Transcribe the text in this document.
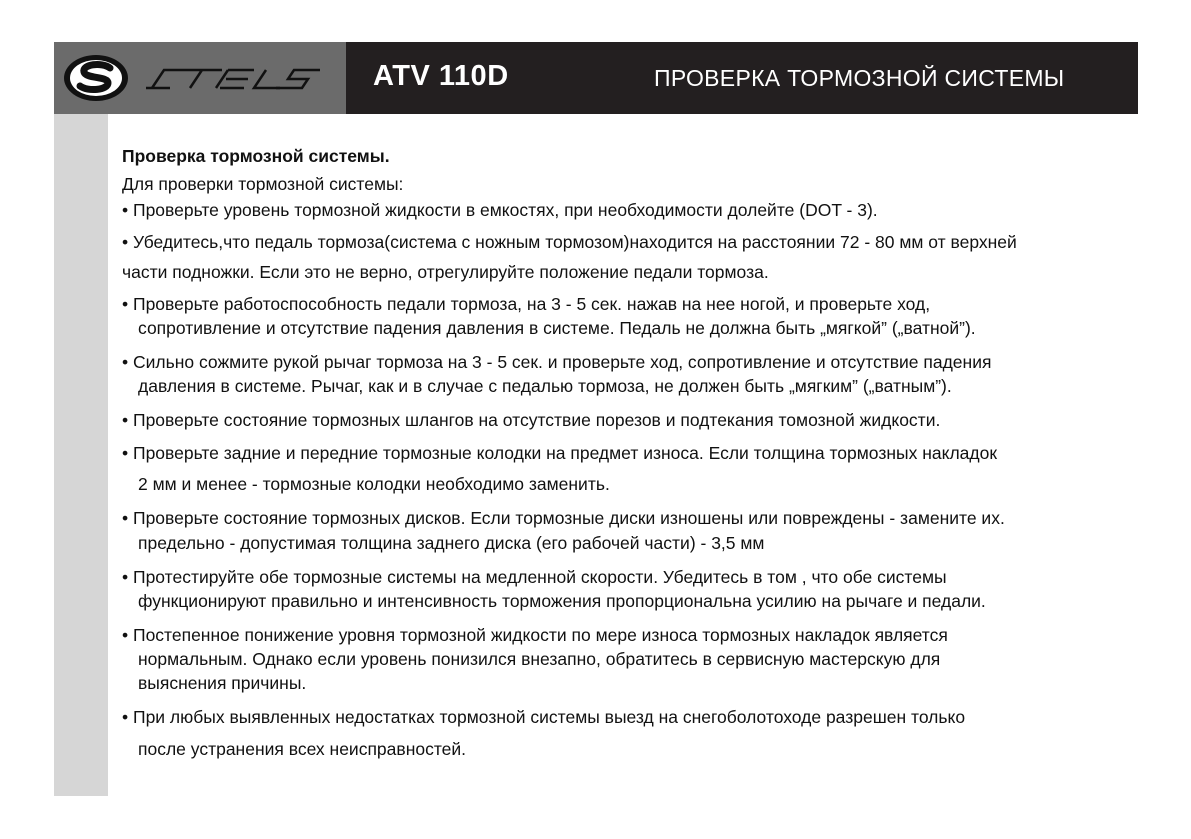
STELS
ATV 110D	ПРОВЕРКА ТОРМОЗНОЙ СИСТЕМЫ
Проверка тормозной системы.
Для проверки тормозной системы:
• Проверьте уровень тормозной жидкости в емкостях, при необходимости долейте (DOT - 3).
• Убедитесь,что педаль тормоза(система с ножным тормозом)находится на расстоянии 72 - 80 мм от верхней
части подножки. Если это не верно, отрегулируйте положение педали тормоза.
• Проверьте работоспособность педали тормоза, на 3 - 5 сек. нажав на нее ногой, и проверьте ход,
сопротивление и отсутствие падения давления в системе. Педаль не должна быть „мягкой” („ватной”).
• Сильно сожмите рукой рычаг тормоза на 3 - 5 сек. и проверьте ход, сопротивление и отсутствие падения
давления в системе. Рычаг, как и в случае с педалью тормоза, не должен быть „мягким” („ватным”).
• Проверьте состояние тормозных шлангов на отсутствие порезов и подтекания томозной жидкости.
• Проверьте задние и передние тормозные колодки на предмет износа. Если толщина тормозных накладок
2 мм и менее - тормозные колодки необходимо заменить.
• Проверьте состояние тормозных дисков. Если тормозные диски изношены или повреждены - замените их.
предельно - допустимая толщина заднего диска (его рабочей части) - 3,5 мм
• Протестируйте обе тормозные системы на медленной скорости. Убедитесь в том , что обе системы
функционируют правильно и интенсивность торможения пропорциональна усилию на рычаге и педали.
• Постепенное понижение уровня тормозной жидкости по мере износа тормозных накладок является
нормальным. Однако если уровень понизился внезапно, обратитесь в сервисную мастерскую для
выяснения причины.
• При любых выявленных недостатках тормозной системы выезд на снегоболотоходе разрешен только
после устранения всех неисправностей.
